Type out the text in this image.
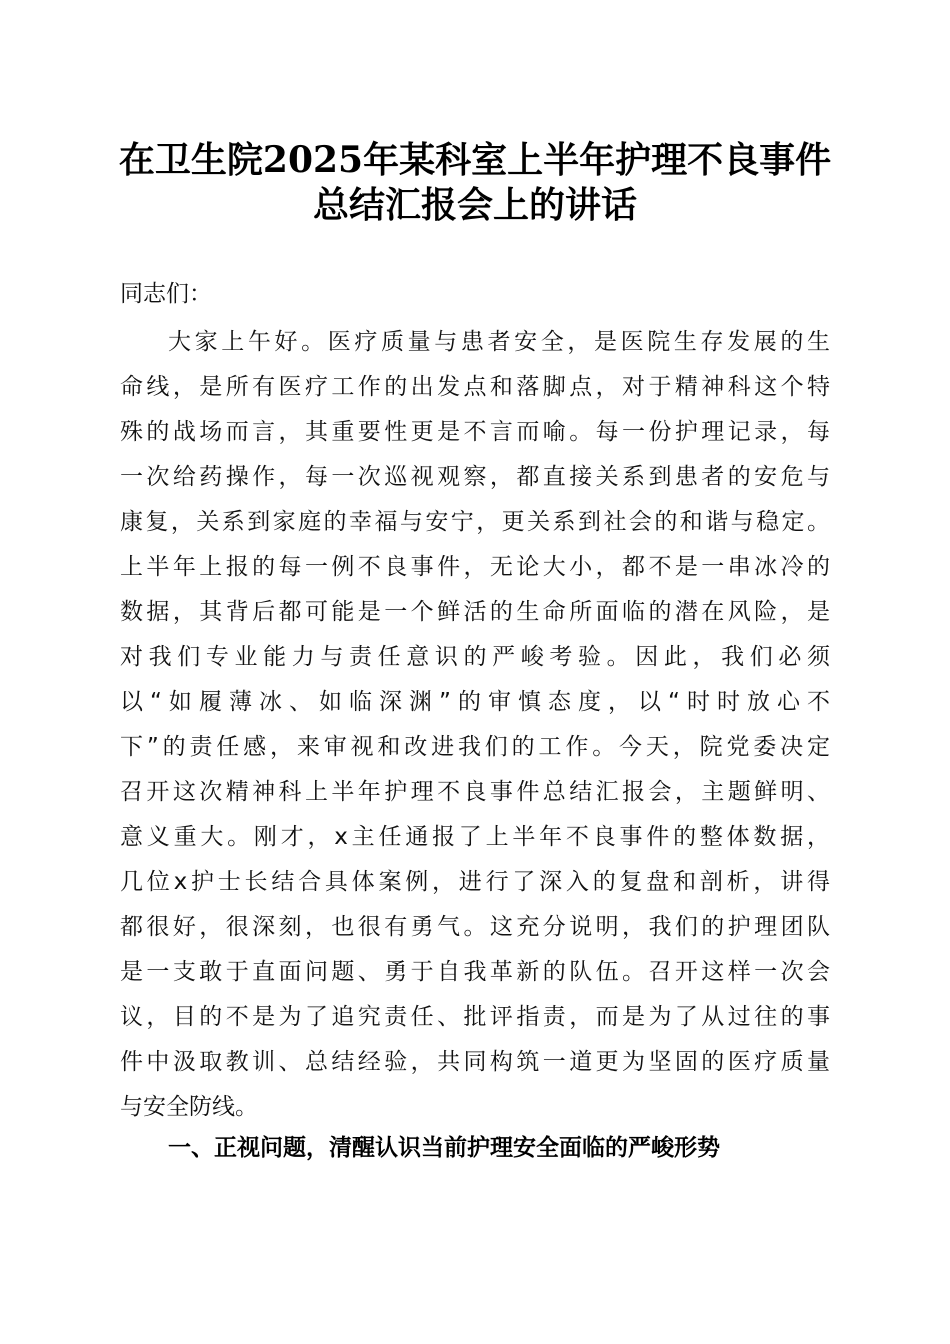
在卫生院2025年某科室上半年护理不良事件
总结汇报会上的讲话
同志们：
大家上午好。医疗质量与患者安全，是医院生存发展的生
命线，是所有医疗工作的出发点和落脚点，对于精神科这个特
殊的战场而言，其重要性更是不言而喻。每一份护理记录，每
一次给药操作，每一次巡视观察，都直接关系到患者的安危与
康复，关系到家庭的幸福与安宁，更关系到社会的和谐与稳定。
上半年上报的每一例不良事件，无论大小，都不是一串冰冷的
数据，其背后都可能是一个鲜活的生命所面临的潜在风险，是
对我们专业能力与责任意识的严峻考验。因此，我们必须
以“如履薄冰、如临深渊”的审慎态度，以“时时放心不
下”的责任感，来审视和改进我们的工作。今天，院党委决定
召开这次精神科上半年护理不良事件总结汇报会，主题鲜明、
意义重大。刚才，x主任通报了上半年不良事件的整体数据，
几位x护士长结合具体案例，进行了深入的复盘和剖析，讲得
都很好，很深刻，也很有勇气。这充分说明，我们的护理团队
是一支敢于直面问题、勇于自我革新的队伍。召开这样一次会
议，目的不是为了追究责任、批评指责，而是为了从过往的事
件中汲取教训、总结经验，共同构筑一道更为坚固的医疗质量
与安全防线。
一、正视问题，清醒认识当前护理安全面临的严峻形势
